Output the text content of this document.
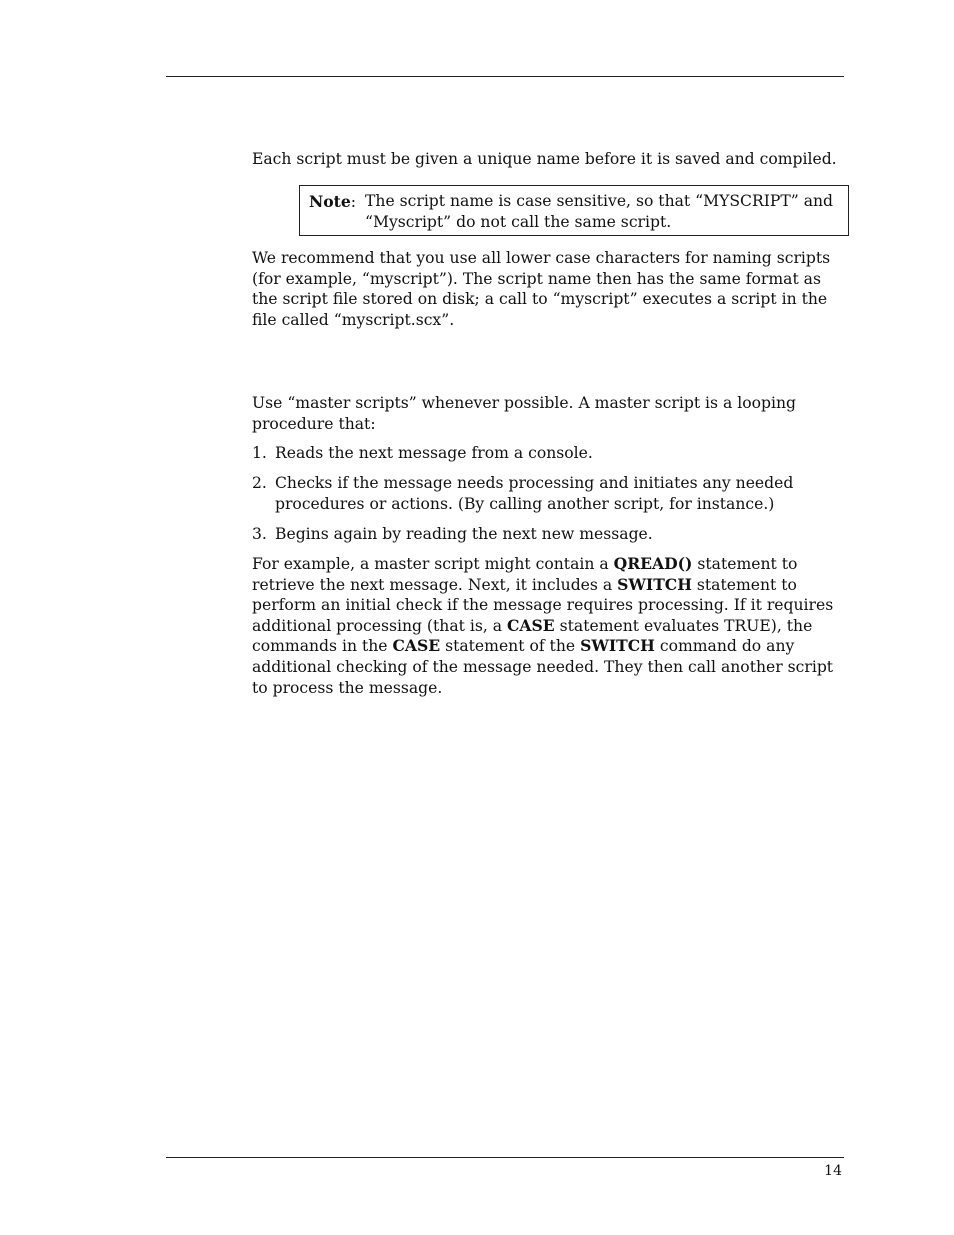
Each script must be given a unique name before it is saved and compiled.

Note: The script name is case sensitive, so that “MYSCRIPT” and “Myscript” do not call the same script.

We recommend that you use all lower case characters for naming scripts (for example, “myscript”). The script name then has the same format as the script file stored on disk; a call to “myscript” executes a script in the file called “myscript.scx”.

Use “master scripts” whenever possible. A master script is a looping procedure that:

1. Reads the next message from a console.
2. Checks if the message needs processing and initiates any needed procedures or actions. (By calling another script, for instance.)
3. Begins again by reading the next new message.

For example, a master script might contain a QREAD() statement to retrieve the next message. Next, it includes a SWITCH statement to perform an initial check if the message requires processing. If it requires additional processing (that is, a CASE statement evaluates TRUE), the commands in the CASE statement of the SWITCH command do any additional checking of the message needed. They then call another script to process the message.

14
